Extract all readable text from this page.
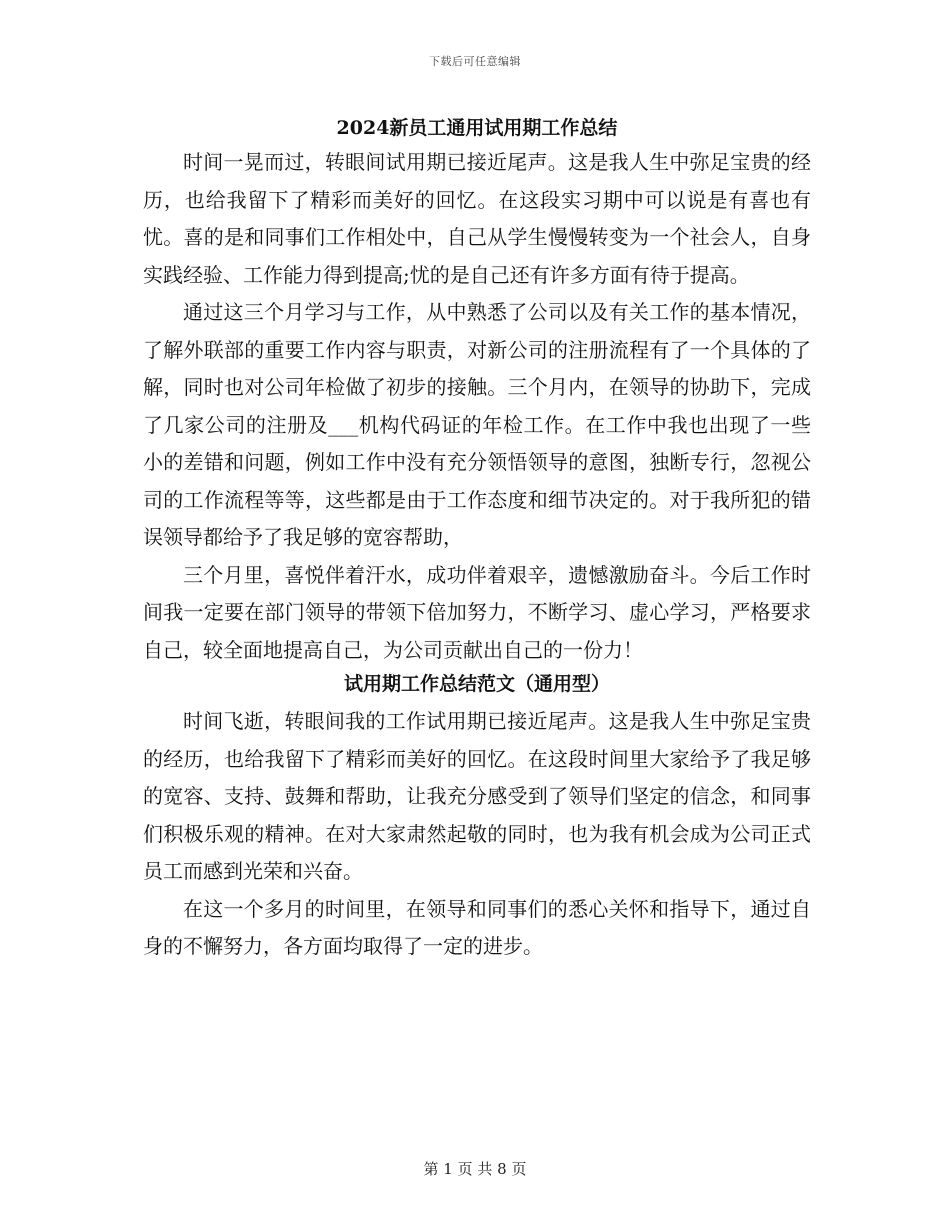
下载后可任意编辑
2024新员工通用试用期工作总结

时间一晃而过，转眼间试用期已接近尾声。这是我人生中弥足宝贵的经历，也给我留下了精彩而美好的回忆。在这段实习期中可以说是有喜也有忧。喜的是和同事们工作相处中，自己从学生慢慢转变为一个社会人，自身实践经验、工作能力得到提高;忧的是自己还有许多方面有待于提高。

通过这三个月学习与工作，从中熟悉了公司以及有关工作的基本情况，了解外联部的重要工作内容与职责，对新公司的注册流程有了一个具体的了解，同时也对公司年检做了初步的接触。三个月内，在领导的协助下，完成了几家公司的注册及___机构代码证的年检工作。在工作中我也出现了一些小的差错和问题，例如工作中没有充分领悟领导的意图，独断专行，忽视公司的工作流程等等，这些都是由于工作态度和细节决定的。对于我所犯的错误领导都给予了我足够的宽容帮助，

三个月里，喜悦伴着汗水，成功伴着艰辛，遗憾激励奋斗。今后工作时间我一定要在部门领导的带领下倍加努力，不断学习、虚心学习，严格要求自己，较全面地提高自己，为公司贡献出自己的一份力！

试用期工作总结范文（通用型）

时间飞逝，转眼间我的工作试用期已接近尾声。这是我人生中弥足宝贵的经历，也给我留下了精彩而美好的回忆。在这段时间里大家给予了我足够的宽容、支持、鼓舞和帮助，让我充分感受到了领导们坚定的信念，和同事们积极乐观的精神。在对大家肃然起敬的同时，也为我有机会成为公司正式员工而感到光荣和兴奋。

在这一个多月的时间里，在领导和同事们的悉心关怀和指导下，通过自身的不懈努力，各方面均取得了一定的进步。

第 1 页 共 8 页
